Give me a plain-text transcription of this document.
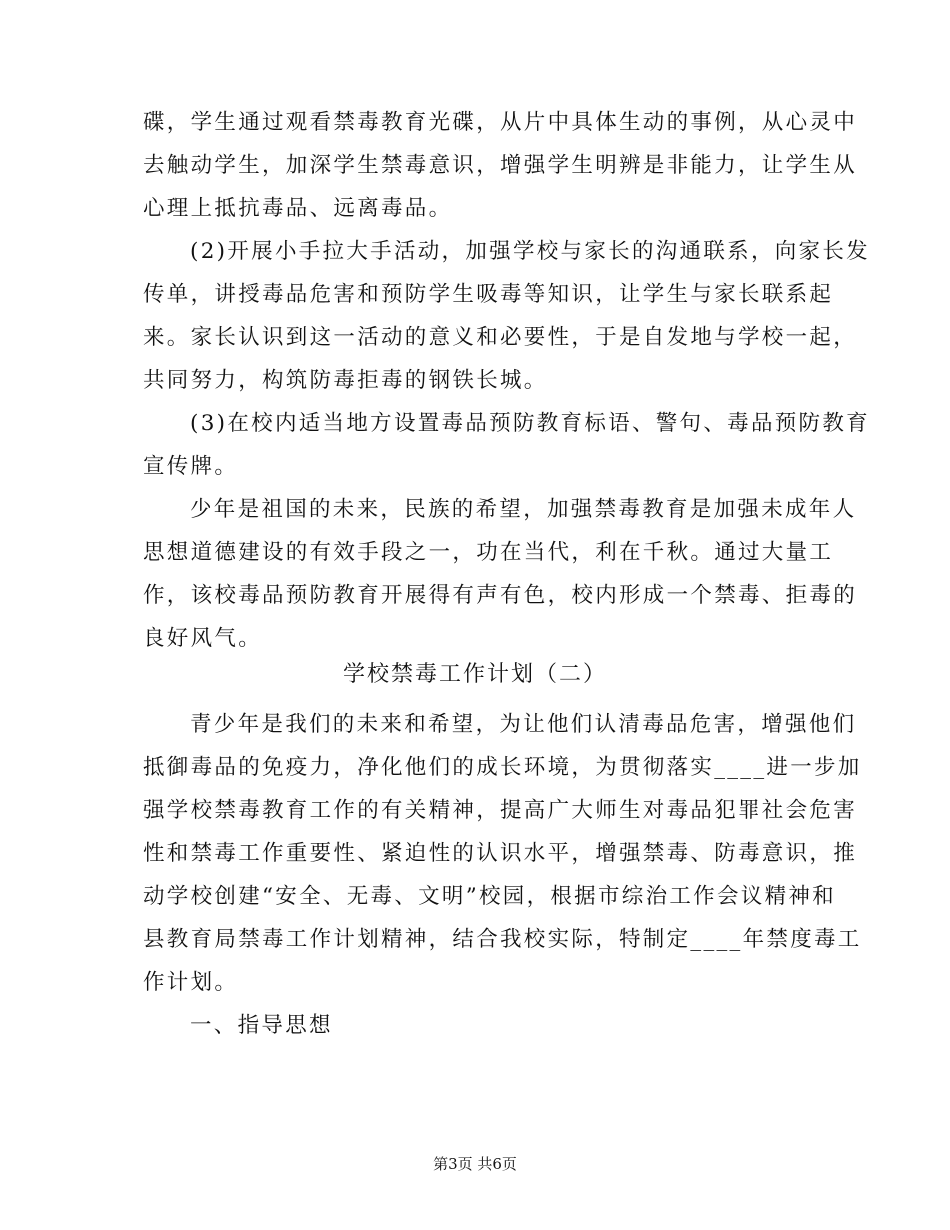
碟，学生通过观看禁毒教育光碟，从片中具体生动的事例，从心灵中
去触动学生，加深学生禁毒意识，增强学生明辨是非能力，让学生从
心理上抵抗毒品、远离毒品。
(2)开展小手拉大手活动，加强学校与家长的沟通联系，向家长发
传单，讲授毒品危害和预防学生吸毒等知识，让学生与家长联系起
来。家长认识到这一活动的意义和必要性，于是自发地与学校一起，
共同努力，构筑防毒拒毒的钢铁长城。
(3)在校内适当地方设置毒品预防教育标语、警句、毒品预防教育
宣传牌。
少年是祖国的未来，民族的希望，加强禁毒教育是加强未成年人
思想道德建设的有效手段之一，功在当代，利在千秋。通过大量工
作，该校毒品预防教育开展得有声有色，校内形成一个禁毒、拒毒的
良好风气。
学校禁毒工作计划（二）
青少年是我们的未来和希望，为让他们认清毒品危害，增强他们
抵御毒品的免疫力，净化他们的成长环境，为贯彻落实____进一步加
强学校禁毒教育工作的有关精神，提高广大师生对毒品犯罪社会危害
性和禁毒工作重要性、紧迫性的认识水平，增强禁毒、防毒意识，推
动学校创建“安全、无毒、文明”校园，根据市综治工作会议精神和
县教育局禁毒工作计划精神，结合我校实际，特制定____年禁度毒工
作计划。
一、指导思想
第3页 共6页
